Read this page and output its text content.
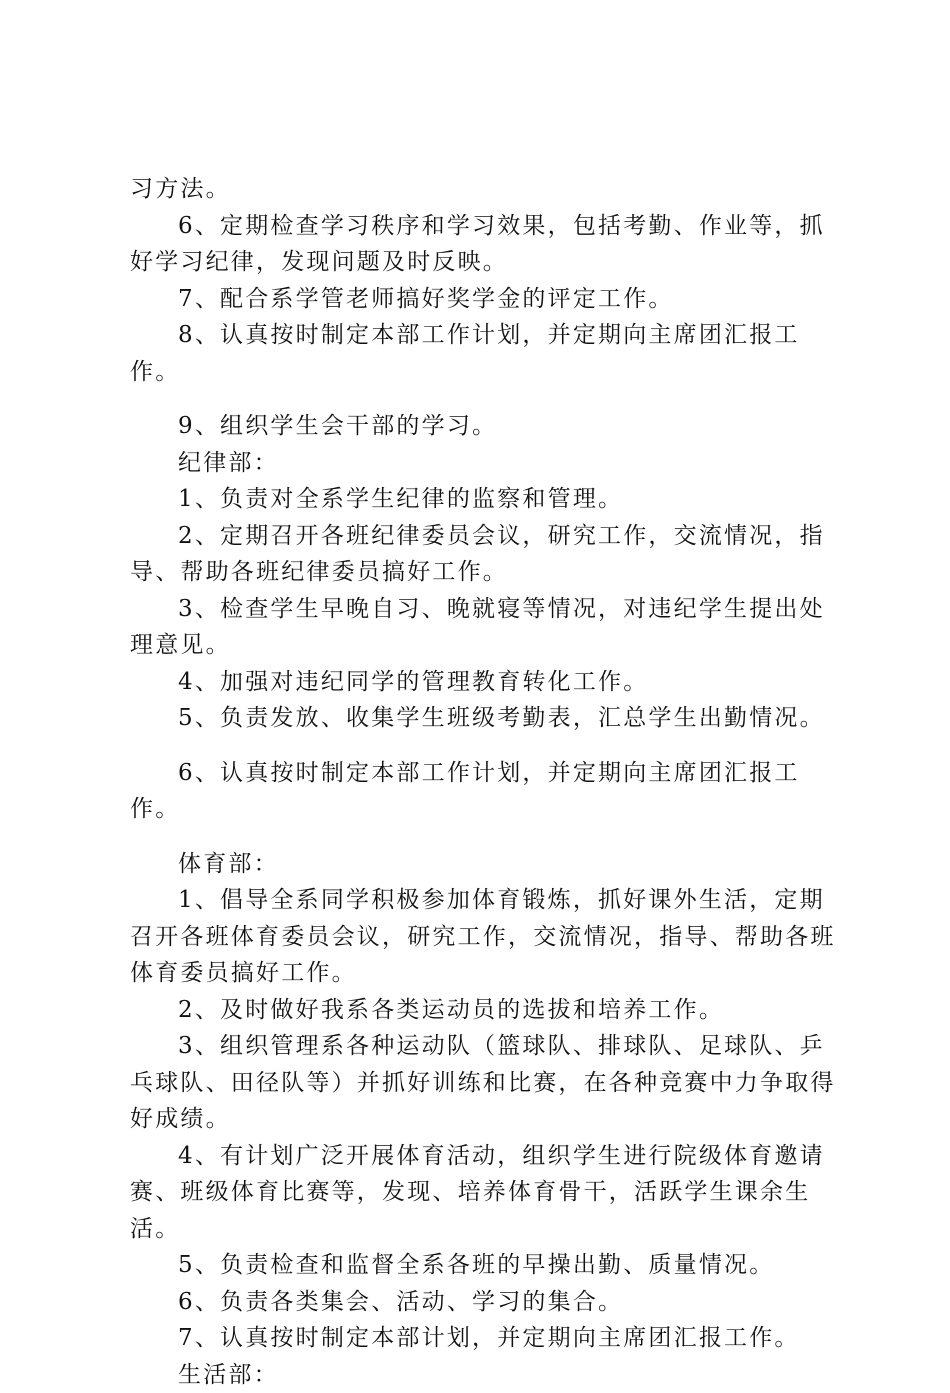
习方法。

6、定期检查学习秩序和学习效果，包括考勤、作业等，抓好学习纪律，发现问题及时反映。

7、配合系学管老师搞好奖学金的评定工作。

8、认真按时制定本部工作计划，并定期向主席团汇报工作。

9、组织学生会干部的学习。

纪律部：

1、负责对全系学生纪律的监察和管理。

2、定期召开各班纪律委员会议，研究工作，交流情况，指导、帮助各班纪律委员搞好工作。

3、检查学生早晚自习、晚就寝等情况，对违纪学生提出处理意见。

4、加强对违纪同学的管理教育转化工作。

5、负责发放、收集学生班级考勤表，汇总学生出勤情况。

6、认真按时制定本部工作计划，并定期向主席团汇报工作。

体育部：

1、倡导全系同学积极参加体育锻炼，抓好课外生活，定期召开各班体育委员会议，研究工作，交流情况，指导、帮助各班体育委员搞好工作。

2、及时做好我系各类运动员的选拔和培养工作。

3、组织管理系各种运动队（篮球队、排球队、足球队、乒乓球队、田径队等）并抓好训练和比赛，在各种竞赛中力争取得好成绩。

4、有计划广泛开展体育活动，组织学生进行院级体育邀请赛、班级体育比赛等，发现、培养体育骨干，活跃学生课余生活。

5、负责检查和监督全系各班的早操出勤、质量情况。

6、负责各类集会、活动、学习的集合。

7、认真按时制定本部计划，并定期向主席团汇报工作。

生活部：
